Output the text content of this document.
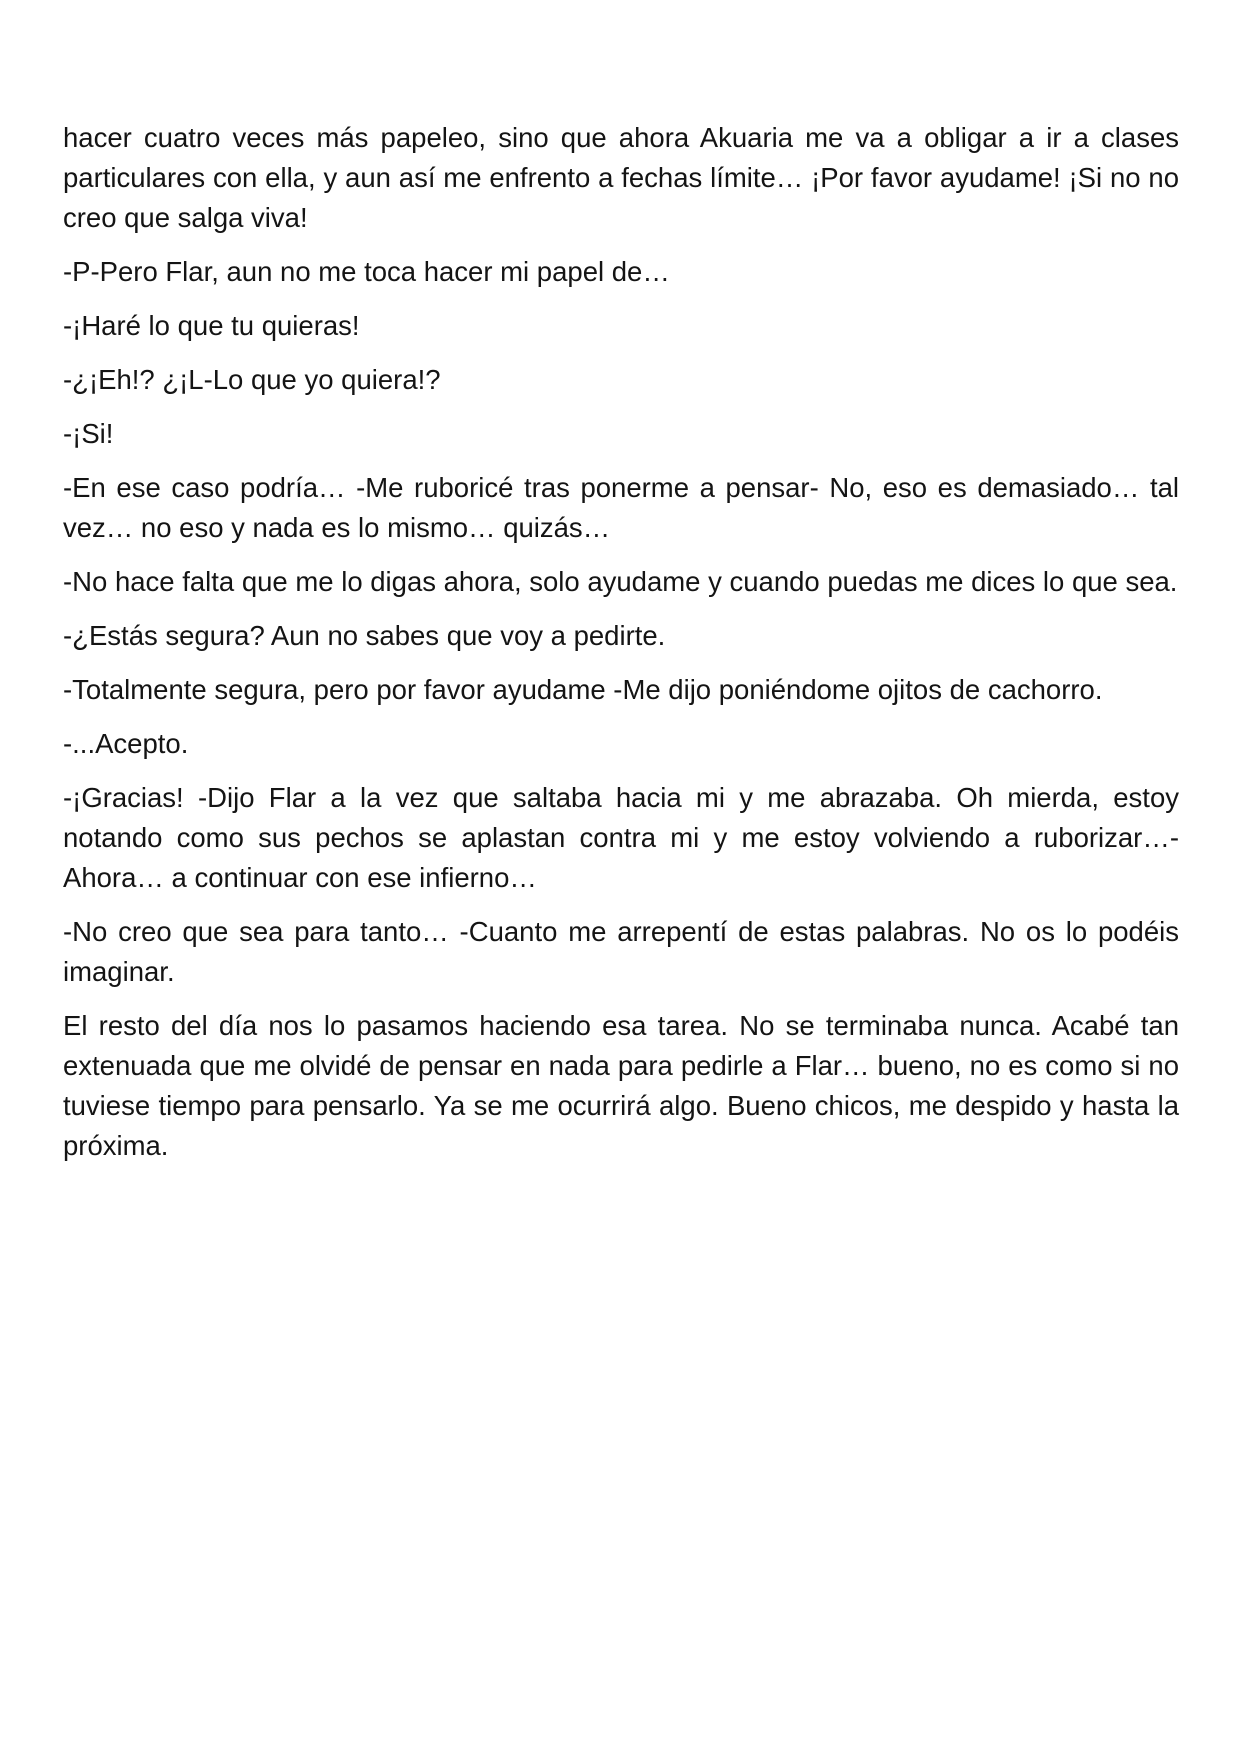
hacer cuatro veces más papeleo, sino que ahora Akuaria me va a obligar a ir a clases particulares con ella, y aun así me enfrento a fechas límite… ¡Por favor ayudame! ¡Si no no creo que salga viva!

-P-Pero Flar, aun no me toca hacer mi papel de…

-¡Haré lo que tu quieras!

-¿¡Eh!? ¿¡L-Lo que yo quiera!?

-¡Si!

-En ese caso podría… -Me ruboricé tras ponerme a pensar- No, eso es demasiado… tal vez… no eso y nada es lo mismo… quizás…

-No hace falta que me lo digas ahora, solo ayudame y cuando puedas me dices lo que sea.

-¿Estás segura? Aun no sabes que voy a pedirte.

-Totalmente segura, pero por favor ayudame -Me dijo poniéndome ojitos de cachorro.

-...Acepto.

-¡Gracias! -Dijo Flar a la vez que saltaba hacia mi y me abrazaba. Oh mierda, estoy notando como sus pechos se aplastan contra mi y me estoy volviendo a ruborizar…- Ahora… a continuar con ese infierno…

-No creo que sea para tanto… -Cuanto me arrepentí de estas palabras. No os lo podéis imaginar.

El resto del día nos lo pasamos haciendo esa tarea. No se terminaba nunca. Acabé tan extenuada que me olvidé de pensar en nada para pedirle a Flar… bueno, no es como si no tuviese tiempo para pensarlo. Ya se me ocurrirá algo. Bueno chicos, me despido y hasta la próxima.
